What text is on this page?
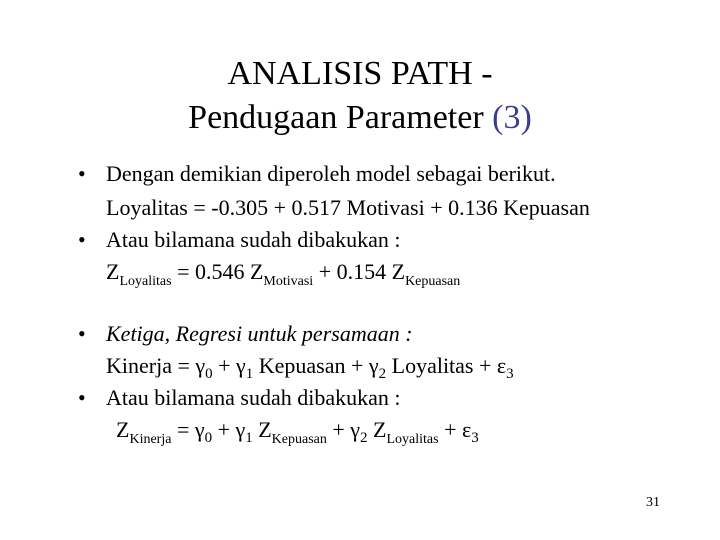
ANALISIS PATH -
Pendugaan Parameter (3)
• Dengan demikian diperoleh model sebagai berikut.
Loyalitas = -0.305 + 0.517 Motivasi + 0.136 Kepuasan
• Atau bilamana sudah dibakukan :
$Z_{Loyalitas} = 0.546$ $Z_{Motivasi} + 0.154$ $Z_{Kepuasan}$
• Ketiga, Regresi untuk persamaan :
Kinerja = $\gamma_0 + \gamma_1$ Kepuasan + $\gamma_2$ Loyalitas + $\varepsilon_3$
• Atau bilamana sudah dibakukan :
$Z_{Kinerja} = \gamma_0 + \gamma_1$ $Z_{Kepuasan} + \gamma_2$ $Z_{Loyalitas} + \varepsilon_3$
31
